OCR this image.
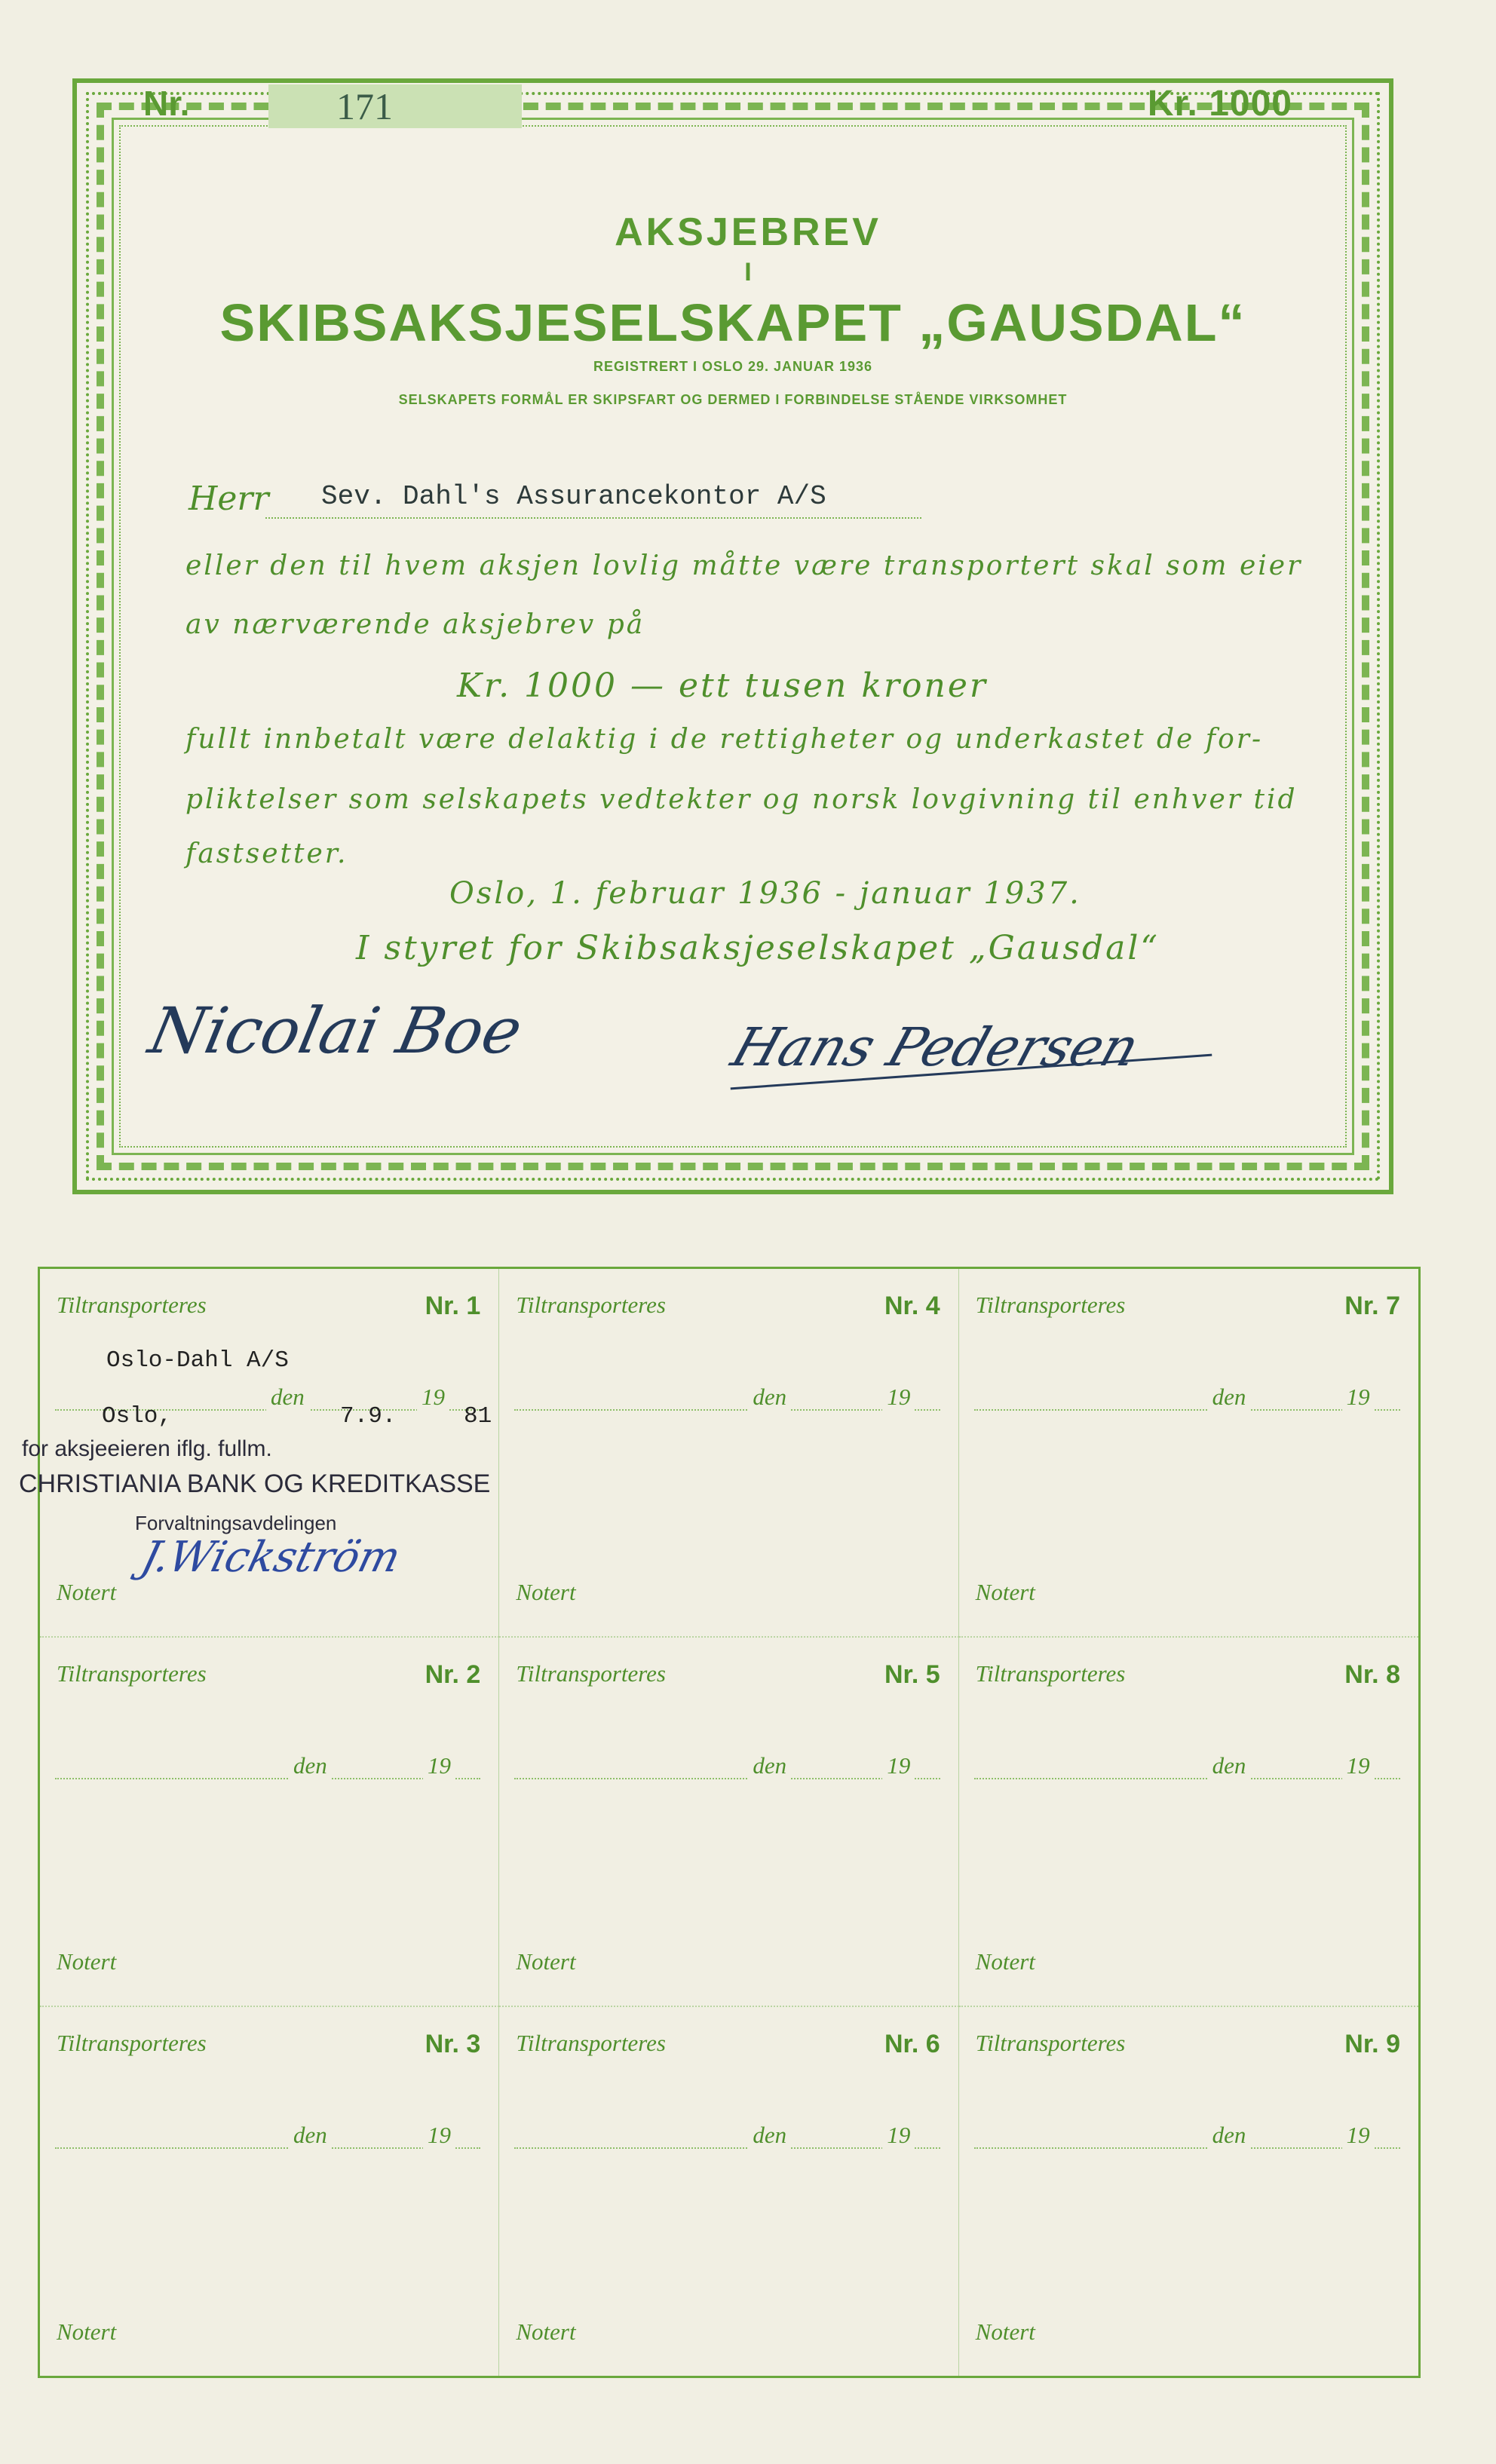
Nr.	171	Kr. 1000
AKSJEBREV
I
SKIBSAKSJESELSKAPET „GAUSDAL“
REGISTRERT I OSLO 29. JANUAR 1936
SELSKAPETS FORMÅL ER SKIPSFART OG DERMED I FORBINDELSE STÅENDE VIRKSOMHET
Herr Sev. Dahl's Assurancekontor A/S
eller den til hvem aksjen lovlig måtte være transportert skal som eier
av nærværende aksjebrev på
Kr. 1000 — ett tusen kroner
fullt innbetalt være delaktig i de rettigheter og underkastet de for-
pliktelser som selskapets vedtekter og norsk lovgivning til enhver tid
fastsetter.
Oslo, 1. februar 1936 - januar 1937.
I styret for Skibsaksjeselskapet „Gausdal“
Nicolai Boe	Hans Pedersen
Tiltransporteres	Nr. 1
den	19
Notert
Oslo-Dahl A/S
Oslo,	7.9.	81
for aksjeeieren iflg. fullm.
CHRISTIANIA BANK OG KREDITKASSE
Forvaltningsavdelingen
J.Wickström
Tiltransporteres	Nr. 4
den	19
Notert
Tiltransporteres	Nr. 7
den	19
Notert
Tiltransporteres	Nr. 2
den	19
Notert
Tiltransporteres	Nr. 5
den	19
Notert
Tiltransporteres	Nr. 8
den	19
Notert
Tiltransporteres	Nr. 3
den	19
Notert
Tiltransporteres	Nr. 6
den	19
Notert
Tiltransporteres	Nr. 9
den	19
Notert
